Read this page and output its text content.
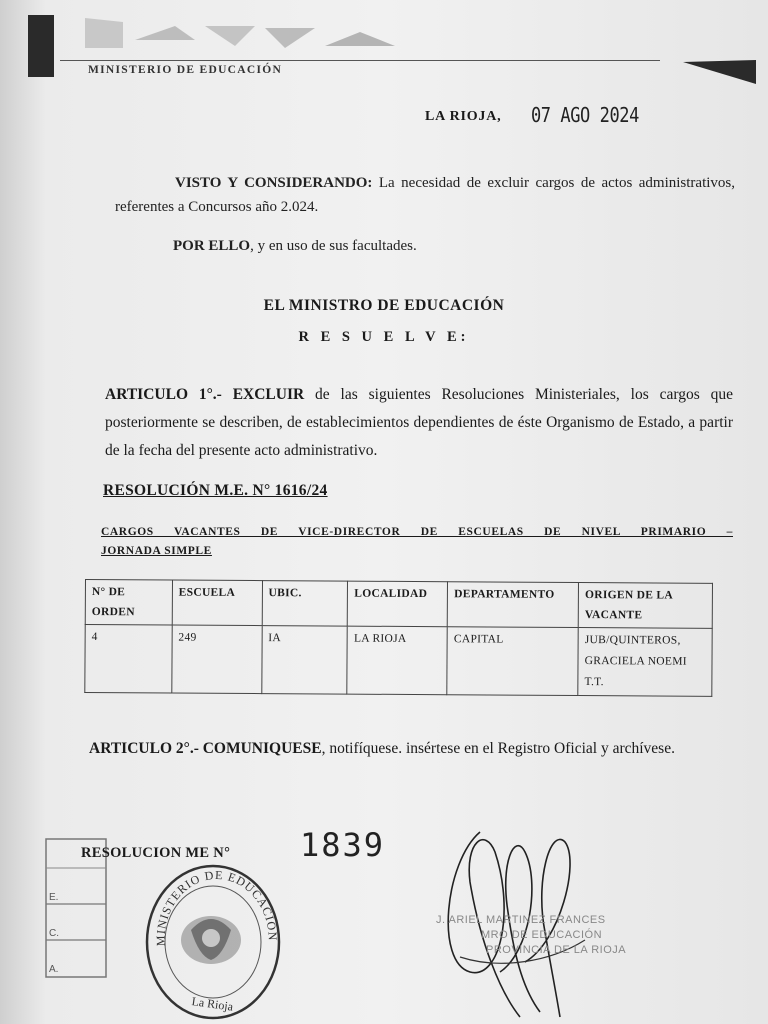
MINISTERIO DE EDUCACIÓN
LA RIOJA, 07 AGO 2024
VISTO Y CONSIDERANDO: La necesidad de excluir cargos de actos administrativos, referentes a Concursos año 2.024.
POR ELLO, y en uso de sus facultades.
EL MINISTRO DE EDUCACIÓN
R E S U E L V E:
ARTICULO 1°.- EXCLUIR de las siguientes Resoluciones Ministeriales, los cargos que posteriormente se describen, de establecimientos dependientes de éste Organismo de Estado, a partir de la fecha del presente acto administrativo.
RESOLUCIÓN M.E. N° 1616/24
CARGOS VACANTES DE VICE-DIRECTOR DE ESCUELAS DE NIVEL PRIMARIO –
JORNADA SIMPLE
N° DE ORDEN	ESCUELA	UBIC.	LOCALIDAD	DEPARTAMENTO	ORIGEN DE LA VACANTE
4	249	IA	LA RIOJA	CAPITAL	JUB/QUINTEROS, GRACIELA NOEMI T.T.
ARTICULO 2°.- COMUNIQUESE, notifíquese. insértese en el Registro Oficial y archívese.
E.
C.
A.
RESOLUCION ME N° 1839
MINISTERIO DE EDUCACIÓN
La Rioja
J. ARIEL MARTINEZ FRANCES
MRO DE EDUCACIÓN
PROVINCIA DE LA RIOJA
